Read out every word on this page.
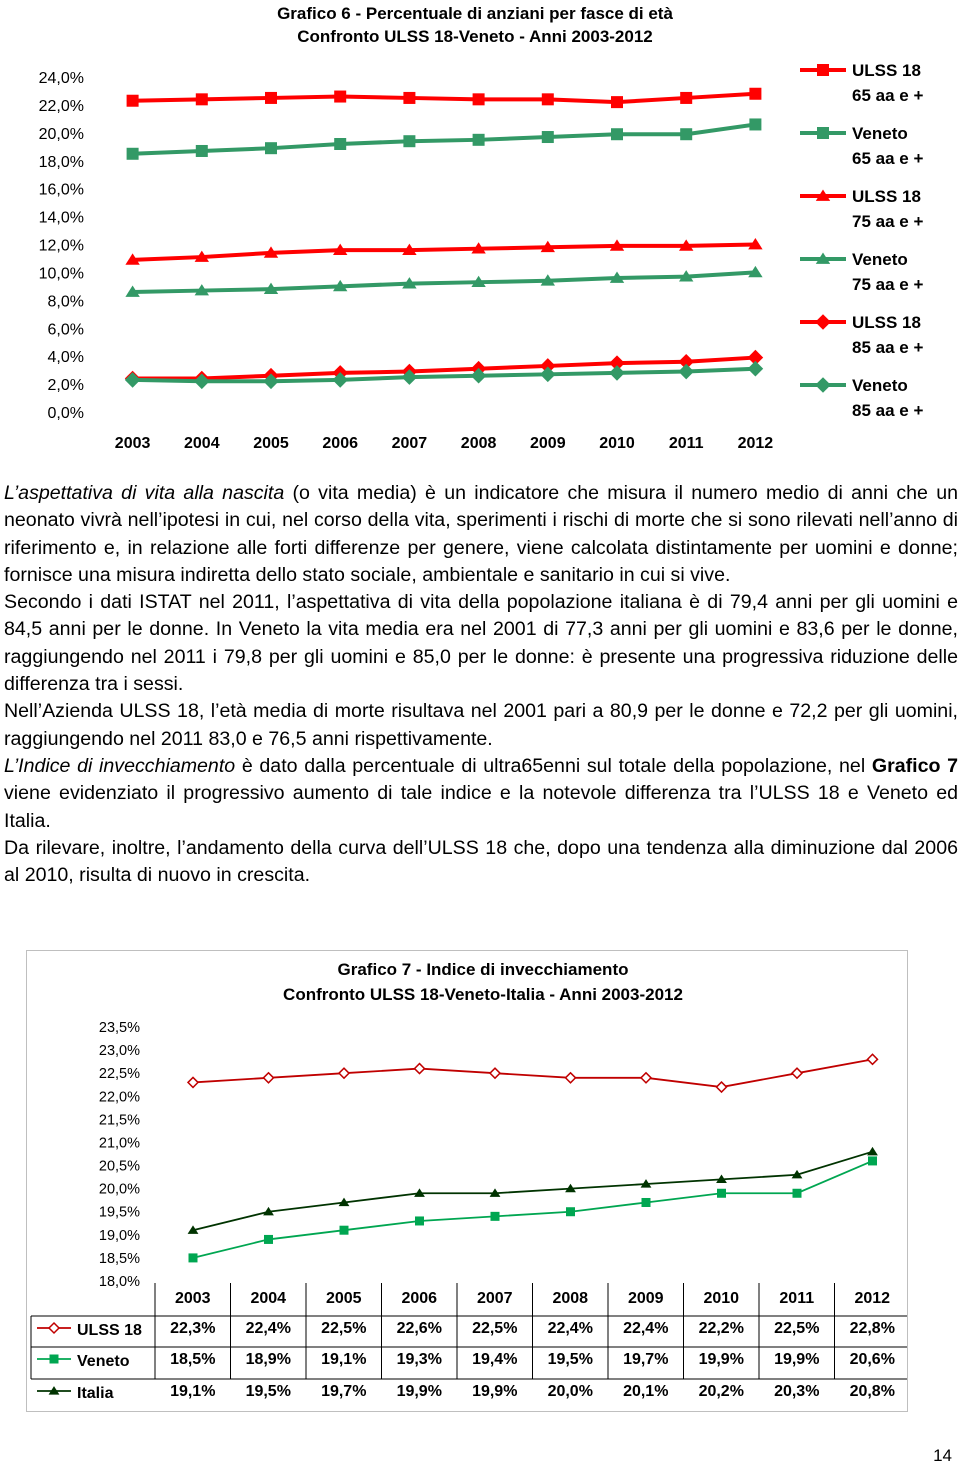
Grafico 6 - Percentuale di anziani per fasce di età
Confronto ULSS 18-Veneto - Anni 2003-2012
24,0%
22,0%
20,0%
18,0%
16,0%
14,0%
12,0%
10,0%
8,0%
6,0%
4,0%
2,0%
0,0%
2003 2004 2005 2006 2007 2008 2009 2010 2011 2012
ULSS 18
65 aa e +
Veneto
65 aa e +
ULSS 18
75 aa e +
Veneto
75 aa e +
ULSS 18
85 aa e +
Veneto
85 aa e +

L’aspettativa di vita alla nascita (o vita media) è un indicatore che misura il numero medio di anni che un neonato vivrà nell’ipotesi in cui, nel corso della vita, sperimenti i rischi di morte che si sono rilevati nell’anno di riferimento e, in relazione alle forti differenze per genere, viene calcolata distintamente per uomini e donne; fornisce una misura indiretta dello stato sociale, ambientale e sanitario in cui si vive.

Secondo i dati ISTAT nel 2011, l’aspettativa di vita della popolazione italiana è di 79,4 anni per gli uomini e 84,5 anni per le donne. In Veneto la vita media era nel 2001 di 77,3 anni per gli uomini e 83,6 per le donne, raggiungendo nel 2011 i 79,8 per gli uomini e 85,0 per le donne: è presente una progressiva riduzione delle differenza tra i sessi.

Nell’Azienda ULSS 18, l’età media di morte risultava nel 2001 pari a 80,9 per le donne e 72,2 per gli uomini, raggiungendo nel 2011 83,0 e 76,5 anni rispettivamente.

L’Indice di invecchiamento è dato dalla percentuale di ultra65enni sul totale della popolazione, nel Grafico 7 viene evidenziato il progressivo aumento di tale indice e la notevole differenza tra l’ULSS 18 e Veneto ed Italia.

Da rilevare, inoltre, l’andamento della curva dell’ULSS 18 che, dopo una tendenza alla diminuzione dal 2006 al 2010, risulta di nuovo in crescita.

Grafico 7 - Indice di invecchiamento
Confronto ULSS 18-Veneto-Italia - Anni 2003-2012
23,5%
23,0%
22,5%
22,0%
21,5%
21,0%
20,5%
20,0%
19,5%
19,0%
18,5%
18,0%
2003 2004 2005 2006 2007 2008 2009 2010	2011	2012
ULSS 18 22,3% 22,4% 22,5% 22,6% 22,5% 22,4% 22,4% 22,2% 22,5% 22,8%
Veneto	18,5% 18,9% 19,1% 19,3% 19,4% 19,5% 19,7% 19,9% 19,9% 20,6%
Italia	19,1% 19,5% 19,7% 19,9% 19,9% 20,0% 20,1% 20,2% 20,3% 20,8%
14
